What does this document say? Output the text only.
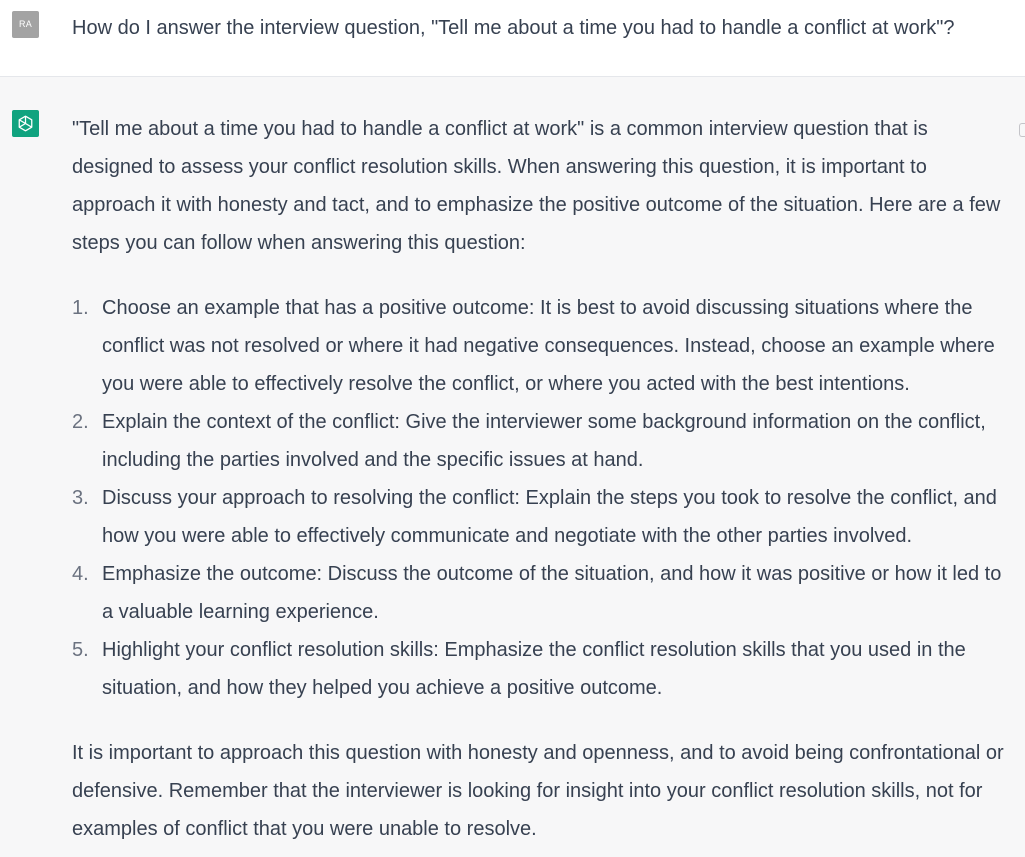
RA	How do I answer the interview question, "Tell me about a time you had to handle a conflict at work"?

"Tell me about a time you had to handle a conflict at work" is a common interview question that is designed to assess your conflict resolution skills. When answering this question, it is important to approach it with honesty and tact, and to emphasize the positive outcome of the situation. Here are a few steps you can follow when answering this question:

1. Choose an example that has a positive outcome: It is best to avoid discussing situations where the conflict was not resolved or where it had negative consequences. Instead, choose an example where you were able to effectively resolve the conflict, or where you acted with the best intentions.
2. Explain the context of the conflict: Give the interviewer some background information on the conflict, including the parties involved and the specific issues at hand.
3. Discuss your approach to resolving the conflict: Explain the steps you took to resolve the conflict, and how you were able to effectively communicate and negotiate with the other parties involved.
4. Emphasize the outcome: Discuss the outcome of the situation, and how it was positive or how it led to a valuable learning experience.
5. Highlight your conflict resolution skills: Emphasize the conflict resolution skills that you used in the situation, and how they helped you achieve a positive outcome.

It is important to approach this question with honesty and openness, and to avoid being confrontational or defensive. Remember that the interviewer is looking for insight into your conflict resolution skills, not for examples of conflict that you were unable to resolve.
